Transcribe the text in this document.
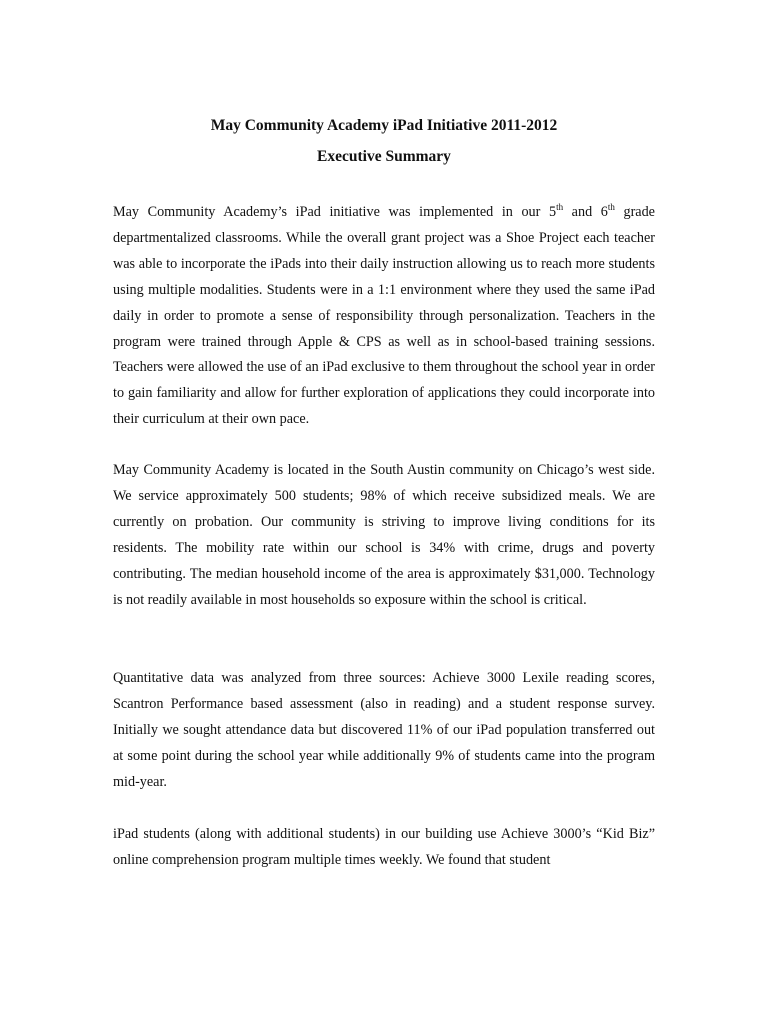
May Community Academy iPad Initiative 2011-2012
Executive Summary

May Community Academy’s iPad initiative was implemented in our 5th and 6th grade departmentalized classrooms. While the overall grant project was a Shoe Project each teacher was able to incorporate the iPads into their daily instruction allowing us to reach more students using multiple modalities. Students were in a 1:1 environment where they used the same iPad daily in order to promote a sense of responsibility through personalization. Teachers in the program were trained through Apple & CPS as well as in school-based training sessions. Teachers were allowed the use of an iPad exclusive to them throughout the school year in order to gain familiarity and allow for further exploration of applications they could incorporate into their curriculum at their own pace.

May Community Academy is located in the South Austin community on Chicago’s west side. We service approximately 500 students; 98% of which receive subsidized meals. We are currently on probation. Our community is striving to improve living conditions for its residents. The mobility rate within our school is 34% with crime, drugs and poverty contributing. The median household income of the area is approximately $31,000. Technology is not readily available in most households so exposure within the school is critical.

Quantitative data was analyzed from three sources: Achieve 3000 Lexile reading scores, Scantron Performance based assessment (also in reading) and a student response survey. Initially we sought attendance data but discovered 11% of our iPad population transferred out at some point during the school year while additionally 9% of students came into the program mid-year.

iPad students (along with additional students) in our building use Achieve 3000’s “Kid Biz” online comprehension program multiple times weekly. We found that student
